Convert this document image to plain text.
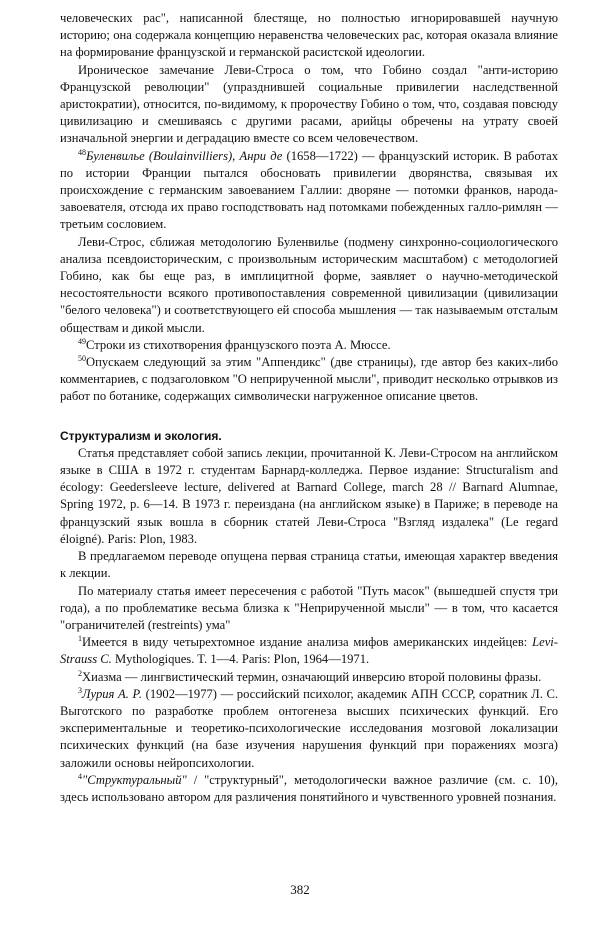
человеческих рас", написанной блестяще, но полностью игнорировавшей научную историю; она содержала концепцию неравенства человеческих рас, которая оказала влияние на формирование французской и германской расистской идеологии.

Ироническое замечание Леви-Строса о том, что Гобино создал "анти-историю Французской революции" (упразднившей социальные привилегии наследственной аристократии), относится, по-видимому, к пророчеству Гобино о том, что, создавая повсюду цивилизацию и смешиваясь с другими расами, арийцы обречены на утрату своей изначальной энергии и деградацию вместе со всем человечеством.

$^{48}$Буленвилье (Boulainvilliers), Анри де (1658—1722) — французский историк. В работах по истории Франции пытался обосновать привилегии дворянства, связывая их происхождение с германским завоеванием Галлии: дворяне — потомки франков, народа-завоевателя, отсюда их право господствовать над потомками побежденных галло-римлян — третьим сословием.

Леви-Строс, сближая методологию Буленвилье (подмену синхронно-социологического анализа псевдоисторическим, с произвольным историческим масштабом) с методологией Гобино, как бы еще раз, в имплицитной форме, заявляет о научно-методической несостоятельности всякого противопоставления современной цивилизации (цивилизации "белого человека") и соответствующего ей способа мышления — так называемым отсталым обществам и дикой мысли.

$^{49}$Строки из стихотворения французского поэта А. Мюссе.

$^{50}$Опускаем следующий за этим "Аппендикс" (две страницы), где автор без каких-либо комментариев, с подзаголовком "О неприрученной мысли", приводит несколько отрывков из работ по ботанике, содержащих символически нагруженное описание цветов.

Структурализм и экология.

Статья представляет собой запись лекции, прочитанной К. Леви-Стросом на английском языке в США в 1972 г. студентам Барнард-колледжа. Первое издание: Structuralism and écology: Geedersleeve lecture, delivered at Barnard College, march 28 // Barnard Alumnae, Spring 1972, p. 6—14. В 1973 г. переиздана (на английском языке) в Париже; в переводе на французский язык вошла в сборник статей Леви-Строса "Взгляд издалека" (Le regard éloigné). Paris: Plon, 1983.

В предлагаемом переводе опущена первая страница статьи, имеющая характер введения к лекции.

По материалу статья имеет пересечения с работой "Путь масок" (вышедшей спустя три года), а по проблематике весьма близка к "Неприрученной мысли" — в том, что касается "ограничителей (restreints) ума"

$^1$Имеется в виду четырехтомное издание анализа мифов американских индейцев: Levi-Strauss C. Mythologiques. T. 1—4. Paris: Plon, 1964—1971.

$^2$Хиазма — лингвистический термин, означающий инверсию второй половины фразы.

$^3$Лурия А. Р. (1902—1977) — российский психолог, академик АПН СССР, соратник Л. С. Выготского по разработке проблем онтогенеза высших психических функций. Его экспериментальные и теоретико-психологические исследования мозговой локализации психических функций (на базе изучения нарушения функций при поражениях мозга) заложили основы нейропсихологии.

$^4$"Структуральный" / "структурный", методологически важное различие (см. с. 10), здесь использовано автором для различения понятийного и чувственного уровней познания.

382
